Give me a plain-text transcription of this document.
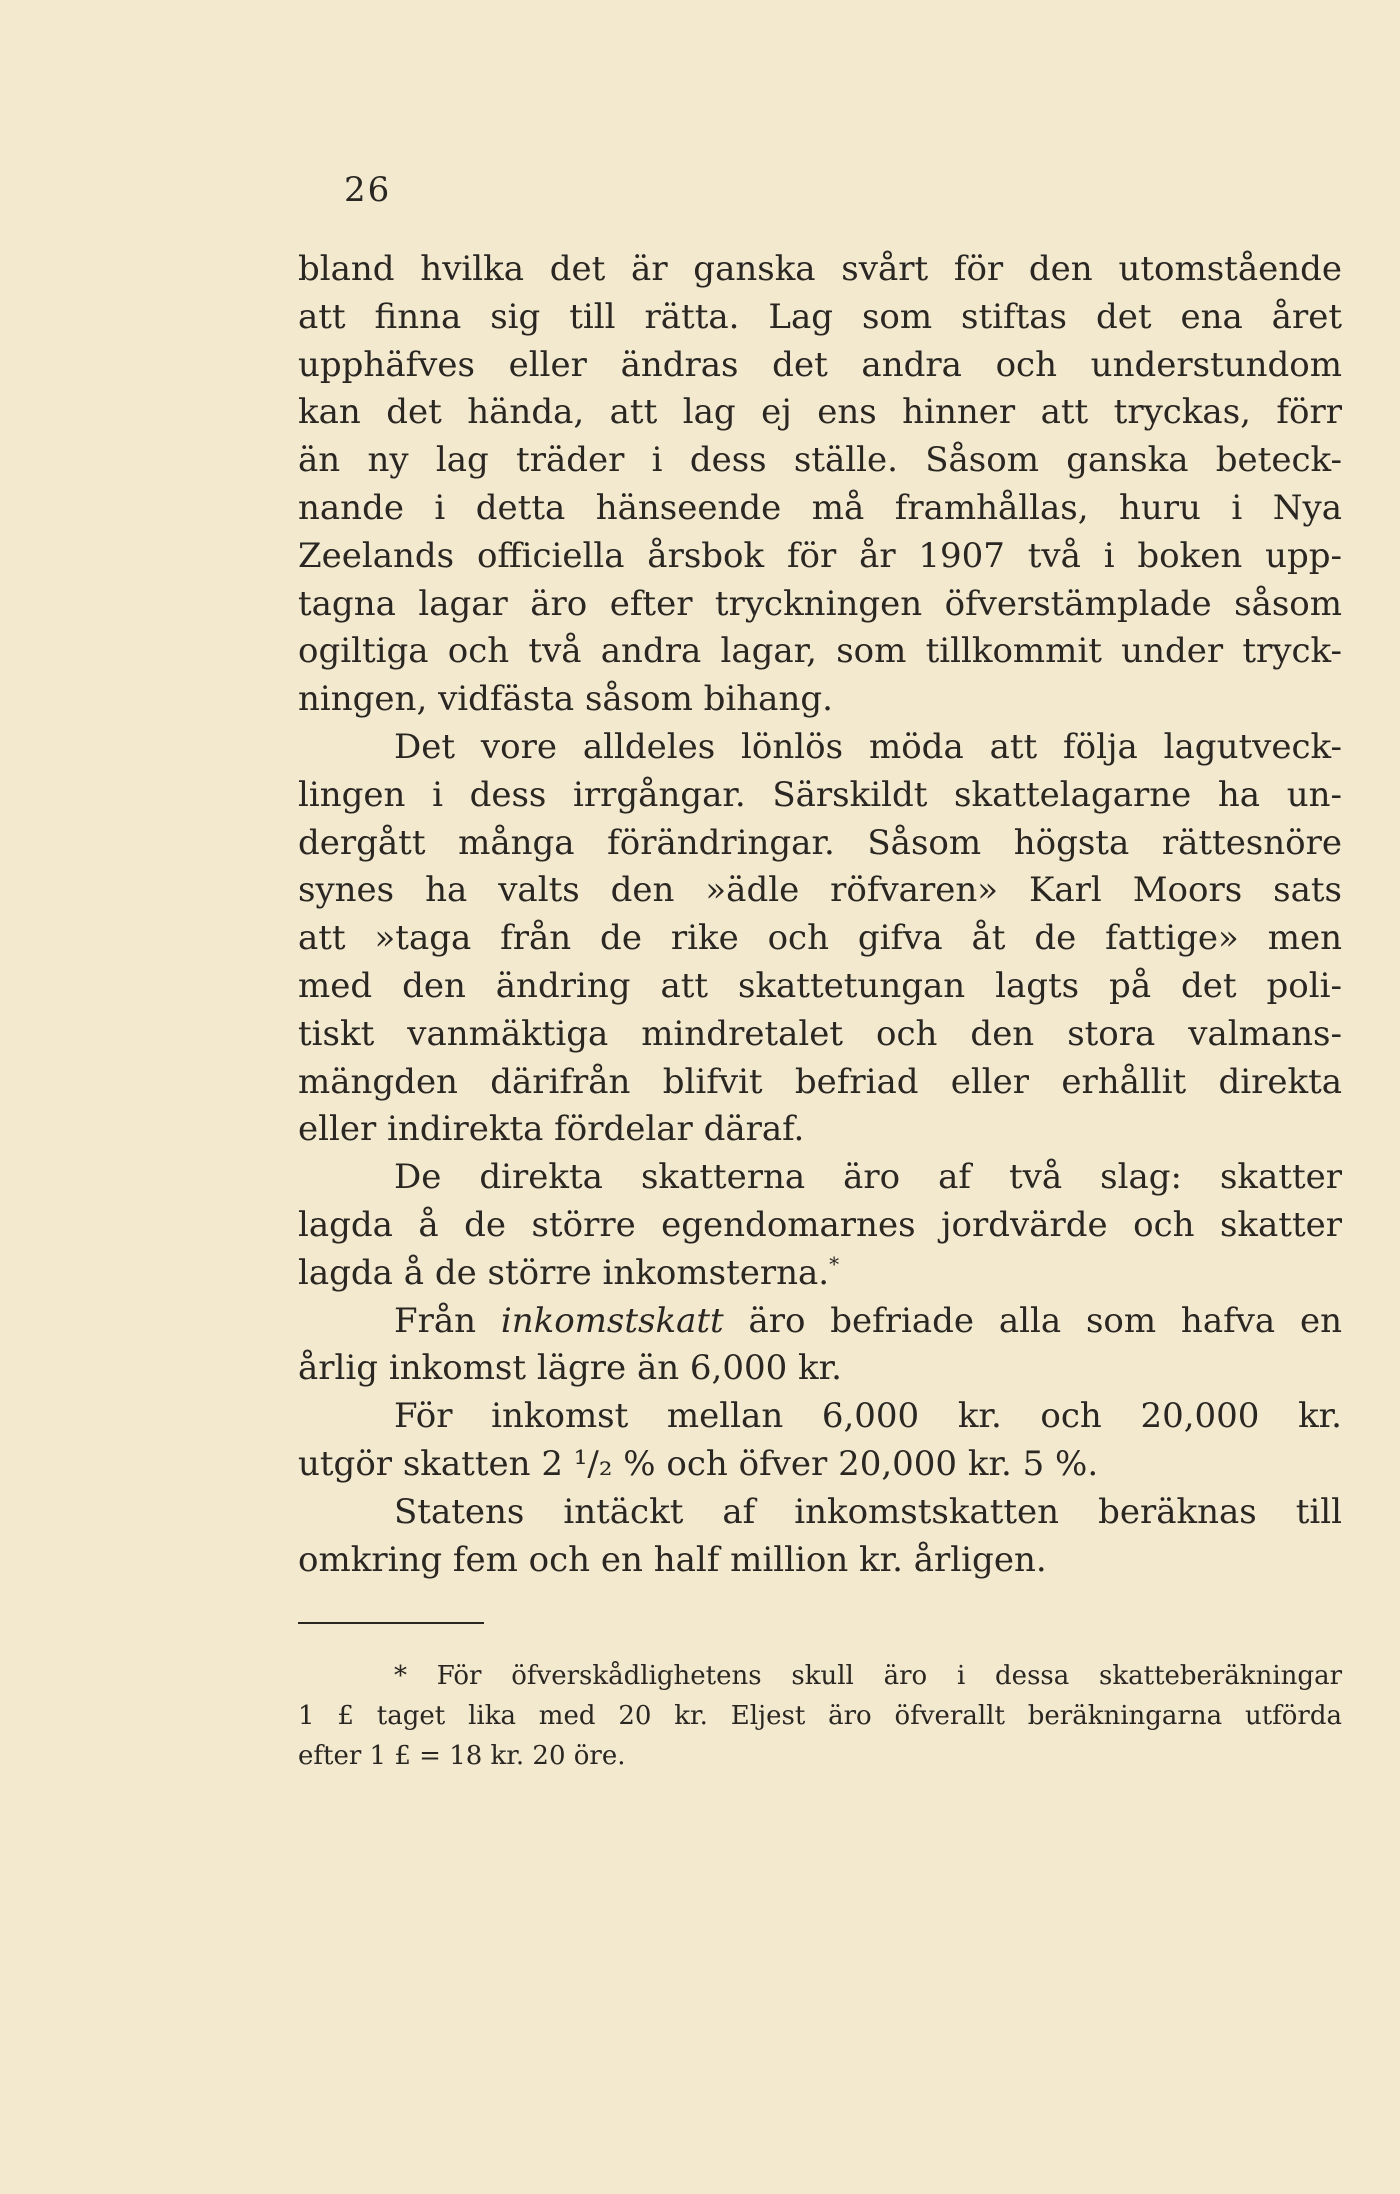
26
bland hvilka det är ganska svårt för den utomstående
att finna sig till rätta. Lag som stiftas det ena året
upphäfves eller ändras det andra och understundom
kan det hända, att lag ej ens hinner att tryckas, förr
än ny lag träder i dess ställe. Såsom ganska beteck-
nande i detta hänseende må framhållas, huru i Nya
Zeelands officiella årsbok för år 1907 två i boken upp-
tagna lagar äro efter tryckningen öfverstämplade såsom
ogiltiga och två andra lagar, som tillkommit under tryck-
ningen, vidfästa såsom bihang.
Det vore alldeles lönlös möda att följa lagutveck-
lingen i dess irrgångar. Särskildt skattelagarne ha un-
dergått många förändringar. Såsom högsta rättesnöre
synes ha valts den »ädle röfvaren» Karl Moors sats
att »taga från de rike och gifva åt de fattige» men
med den ändring att skattetungan lagts på det poli-
tiskt vanmäktiga mindretalet och den stora valmans-
mängden därifrån blifvit befriad eller erhållit direkta
eller indirekta fördelar däraf.
De direkta skatterna äro af två slag: skatter
lagda å de större egendomarnes jordvärde och skatter
lagda å de större inkomsterna.*
Från inkomstskatt äro befriade alla som hafva en
årlig inkomst lägre än 6,000 kr.
För inkomst mellan 6,000 kr. och 20,000 kr.
utgör skatten 2 ¹/₂ % och öfver 20,000 kr. 5 %.
Statens intäckt af inkomstskatten beräknas till
omkring fem och en half million kr. årligen.
* För öfverskådlighetens skull äro i dessa skatteberäkningar
1 £ taget lika med 20 kr. Eljest äro öfverallt beräkningarna utförda
efter 1 £ = 18 kr. 20 öre.
